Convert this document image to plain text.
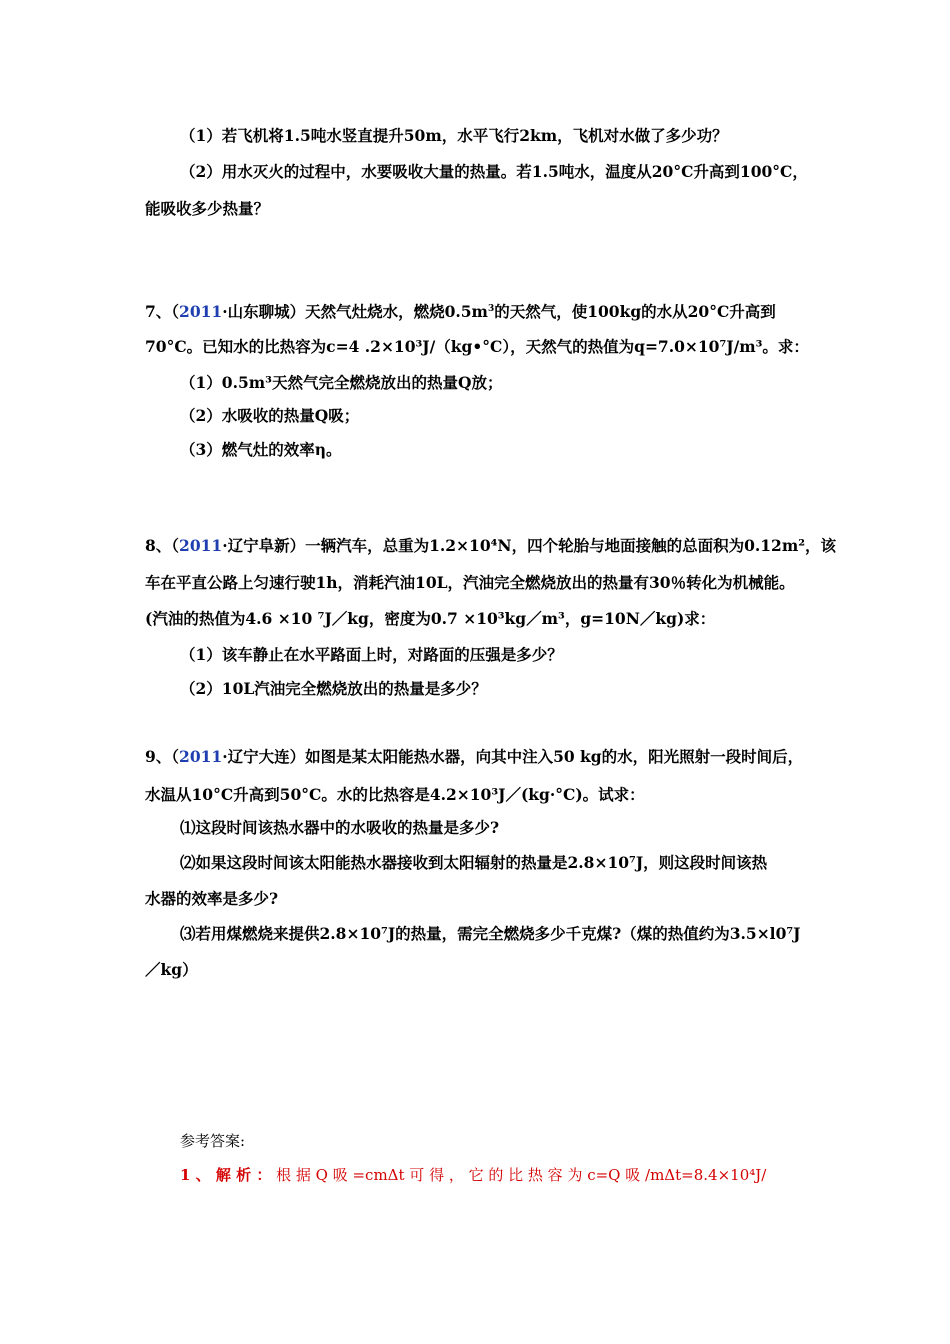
（1）若飞机将1.5吨水竖直提升50m，水平飞行2km，飞机对水做了多少功？
（2）用水灭火的过程中，水要吸收大量的热量。若1.5吨水，温度从20°C升高到100°C，
能吸收多少热量？
7、（2011·山东聊城）天然气灶烧水，燃烧$0.5m^3$的天然气，使100kg的水从20°C升高到
70°C。已知水的比热容为c=4 .2×10³J/（kg•°C），天然气的热值为q=7.0×10⁷J/m³。求：
（1）0.5m³天然气完全燃烧放出的热量Q放；
（2）水吸收的热量Q吸；
（3）燃气灶的效率η。
8、（2011·辽宁阜新）一辆汽车，总重为1.2×10⁴N，四个轮胎与地面接触的总面积为0.12m²，该
车在平直公路上匀速行驶1h，消耗汽油10L，汽油完全燃烧放出的热量有30％转化为机械能。
(汽油的热值为4.6 ×10 ⁷J／kg，密度为0.7 ×10³kg／m³，g=10N／kg)求：
（1）该车静止在水平路面上时，对路面的压强是多少？
（2）10L汽油完全燃烧放出的热量是多少？
9、（2011·辽宁大连）如图是某太阳能热水器，向其中注入50 kg的水，阳光照射一段时间后，
水温从10°C升高到50°C。水的比热容是4.2×10³J／(kg·°C)。试求：
⑴这段时间该热水器中的水吸收的热量是多少?
⑵如果这段时间该太阳能热水器接收到太阳辐射的热量是2.8×10⁷J，则这段时间该热
水器的效率是多少?
⑶若用煤燃烧来提供2.8×10⁷J的热量，需完全燃烧多少千克煤?（煤的热值约为3.5×l0⁷J
／kg）
参考答案:
1 、 解 析 ： 根 据 Q 吸 =cmΔt 可 得 ， 它 的 比 热 容 为 c=Q 吸 /mΔt=8.4×10⁴J/
